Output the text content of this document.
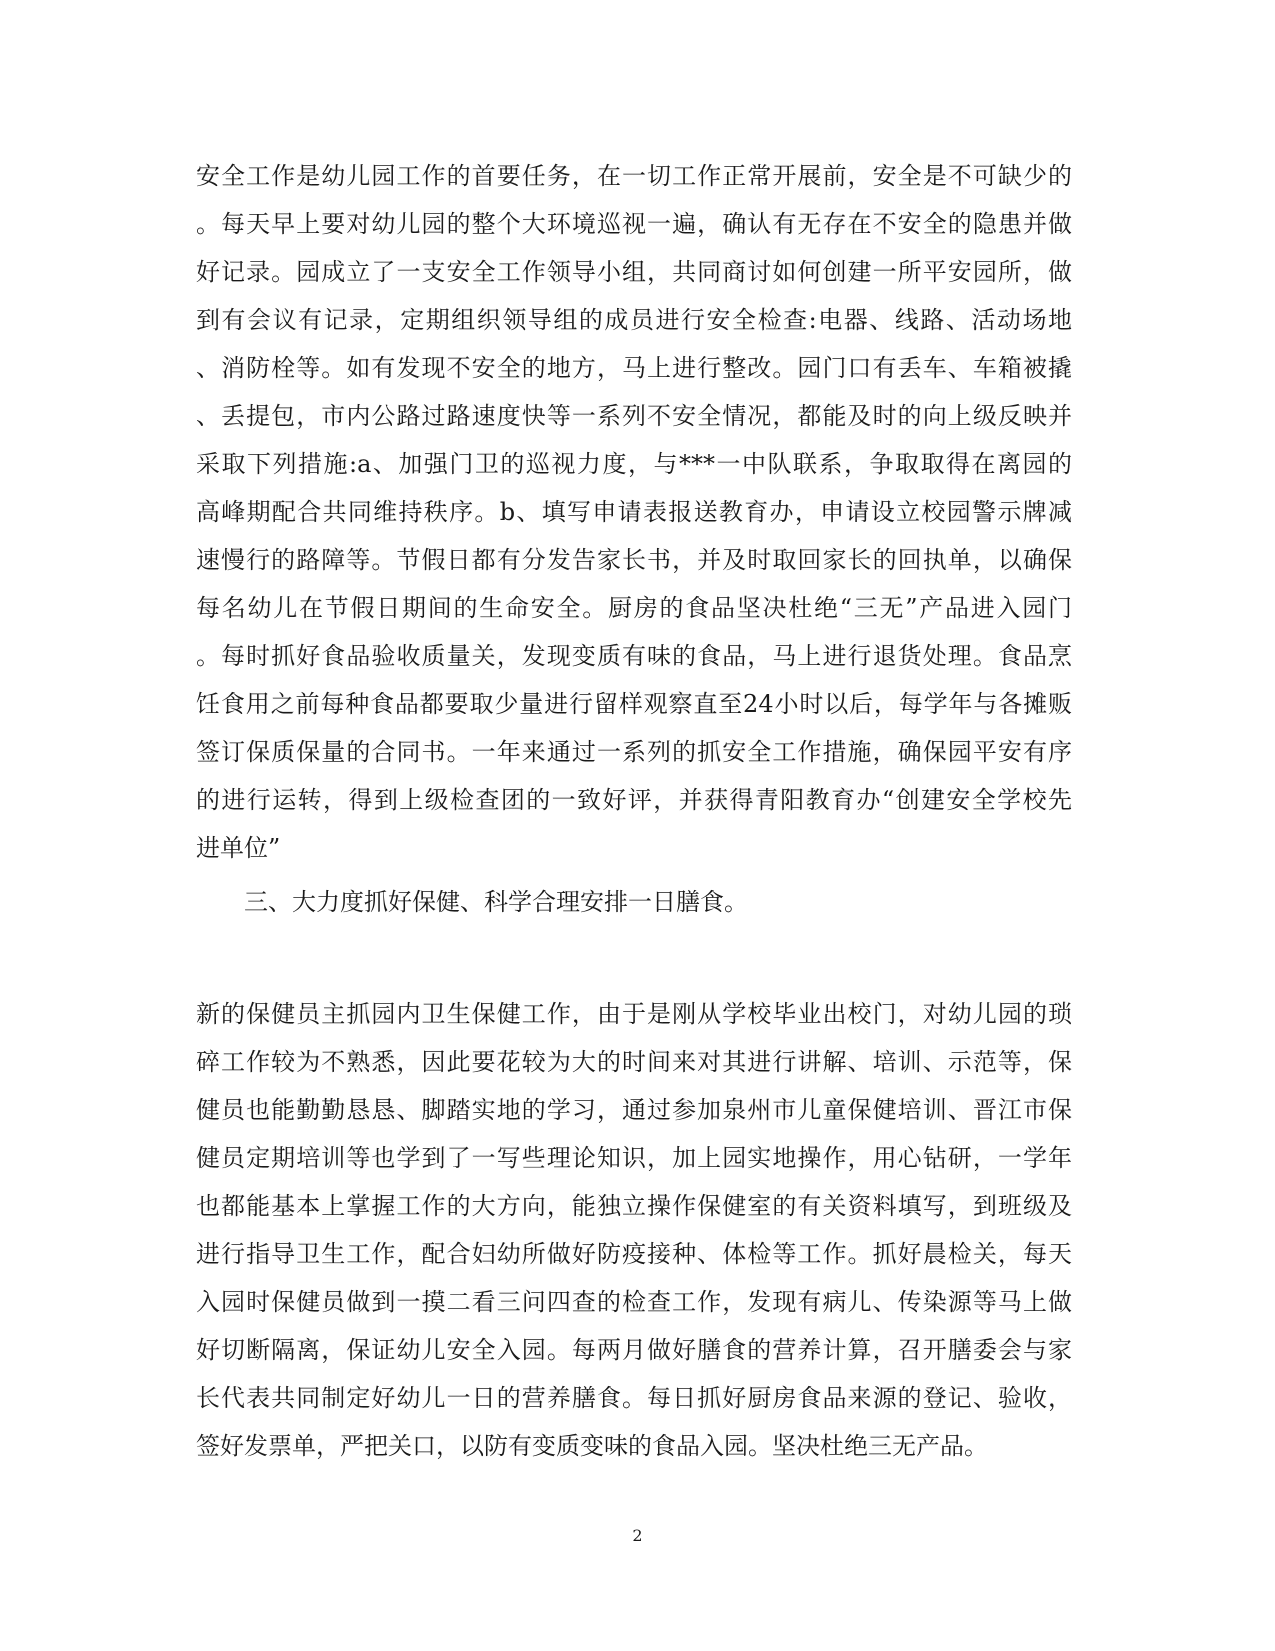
安全工作是幼儿园工作的首要任务，在一切工作正常开展前，安全是不可缺少的
。每天早上要对幼儿园的整个大环境巡视一遍，确认有无存在不安全的隐患并做
好记录。园成立了一支安全工作领导小组，共同商讨如何创建一所平安园所，做
到有会议有记录，定期组织领导组的成员进行安全检查:电器、线路、活动场地
、消防栓等。如有发现不安全的地方，马上进行整改。园门口有丢车、车箱被撬
、丢提包，市内公路过路速度快等一系列不安全情况，都能及时的向上级反映并
采取下列措施:a、加强门卫的巡视力度，与***一中队联系，争取取得在离园的
高峰期配合共同维持秩序。b、填写申请表报送教育办，申请设立校园警示牌减
速慢行的路障等。节假日都有分发告家长书，并及时取回家长的回执单，以确保
每名幼儿在节假日期间的生命安全。厨房的食品坚决杜绝“三无”产品进入园门
。每时抓好食品验收质量关，发现变质有味的食品，马上进行退货处理。食品烹
饪食用之前每种食品都要取少量进行留样观察直至24小时以后，每学年与各摊贩
签订保质保量的合同书。一年来通过一系列的抓安全工作措施，确保园平安有序
的进行运转，得到上级检查团的一致好评，并获得青阳教育办“创建安全学校先
进单位”
三、大力度抓好保健、科学合理安排一日膳食。
新的保健员主抓园内卫生保健工作，由于是刚从学校毕业出校门，对幼儿园的琐
碎工作较为不熟悉，因此要花较为大的时间来对其进行讲解、培训、示范等，保
健员也能勤勤恳恳、脚踏实地的学习，通过参加泉州市儿童保健培训、晋江市保
健员定期培训等也学到了一写些理论知识，加上园实地操作，用心钻研，一学年
也都能基本上掌握工作的大方向，能独立操作保健室的有关资料填写，到班级及
进行指导卫生工作，配合妇幼所做好防疫接种、体检等工作。抓好晨检关，每天
入园时保健员做到一摸二看三问四查的检查工作，发现有病儿、传染源等马上做
好切断隔离，保证幼儿安全入园。每两月做好膳食的营养计算，召开膳委会与家
长代表共同制定好幼儿一日的营养膳食。每日抓好厨房食品来源的登记、验收，
签好发票单，严把关口，以防有变质变味的食品入园。坚决杜绝三无产品。
2
